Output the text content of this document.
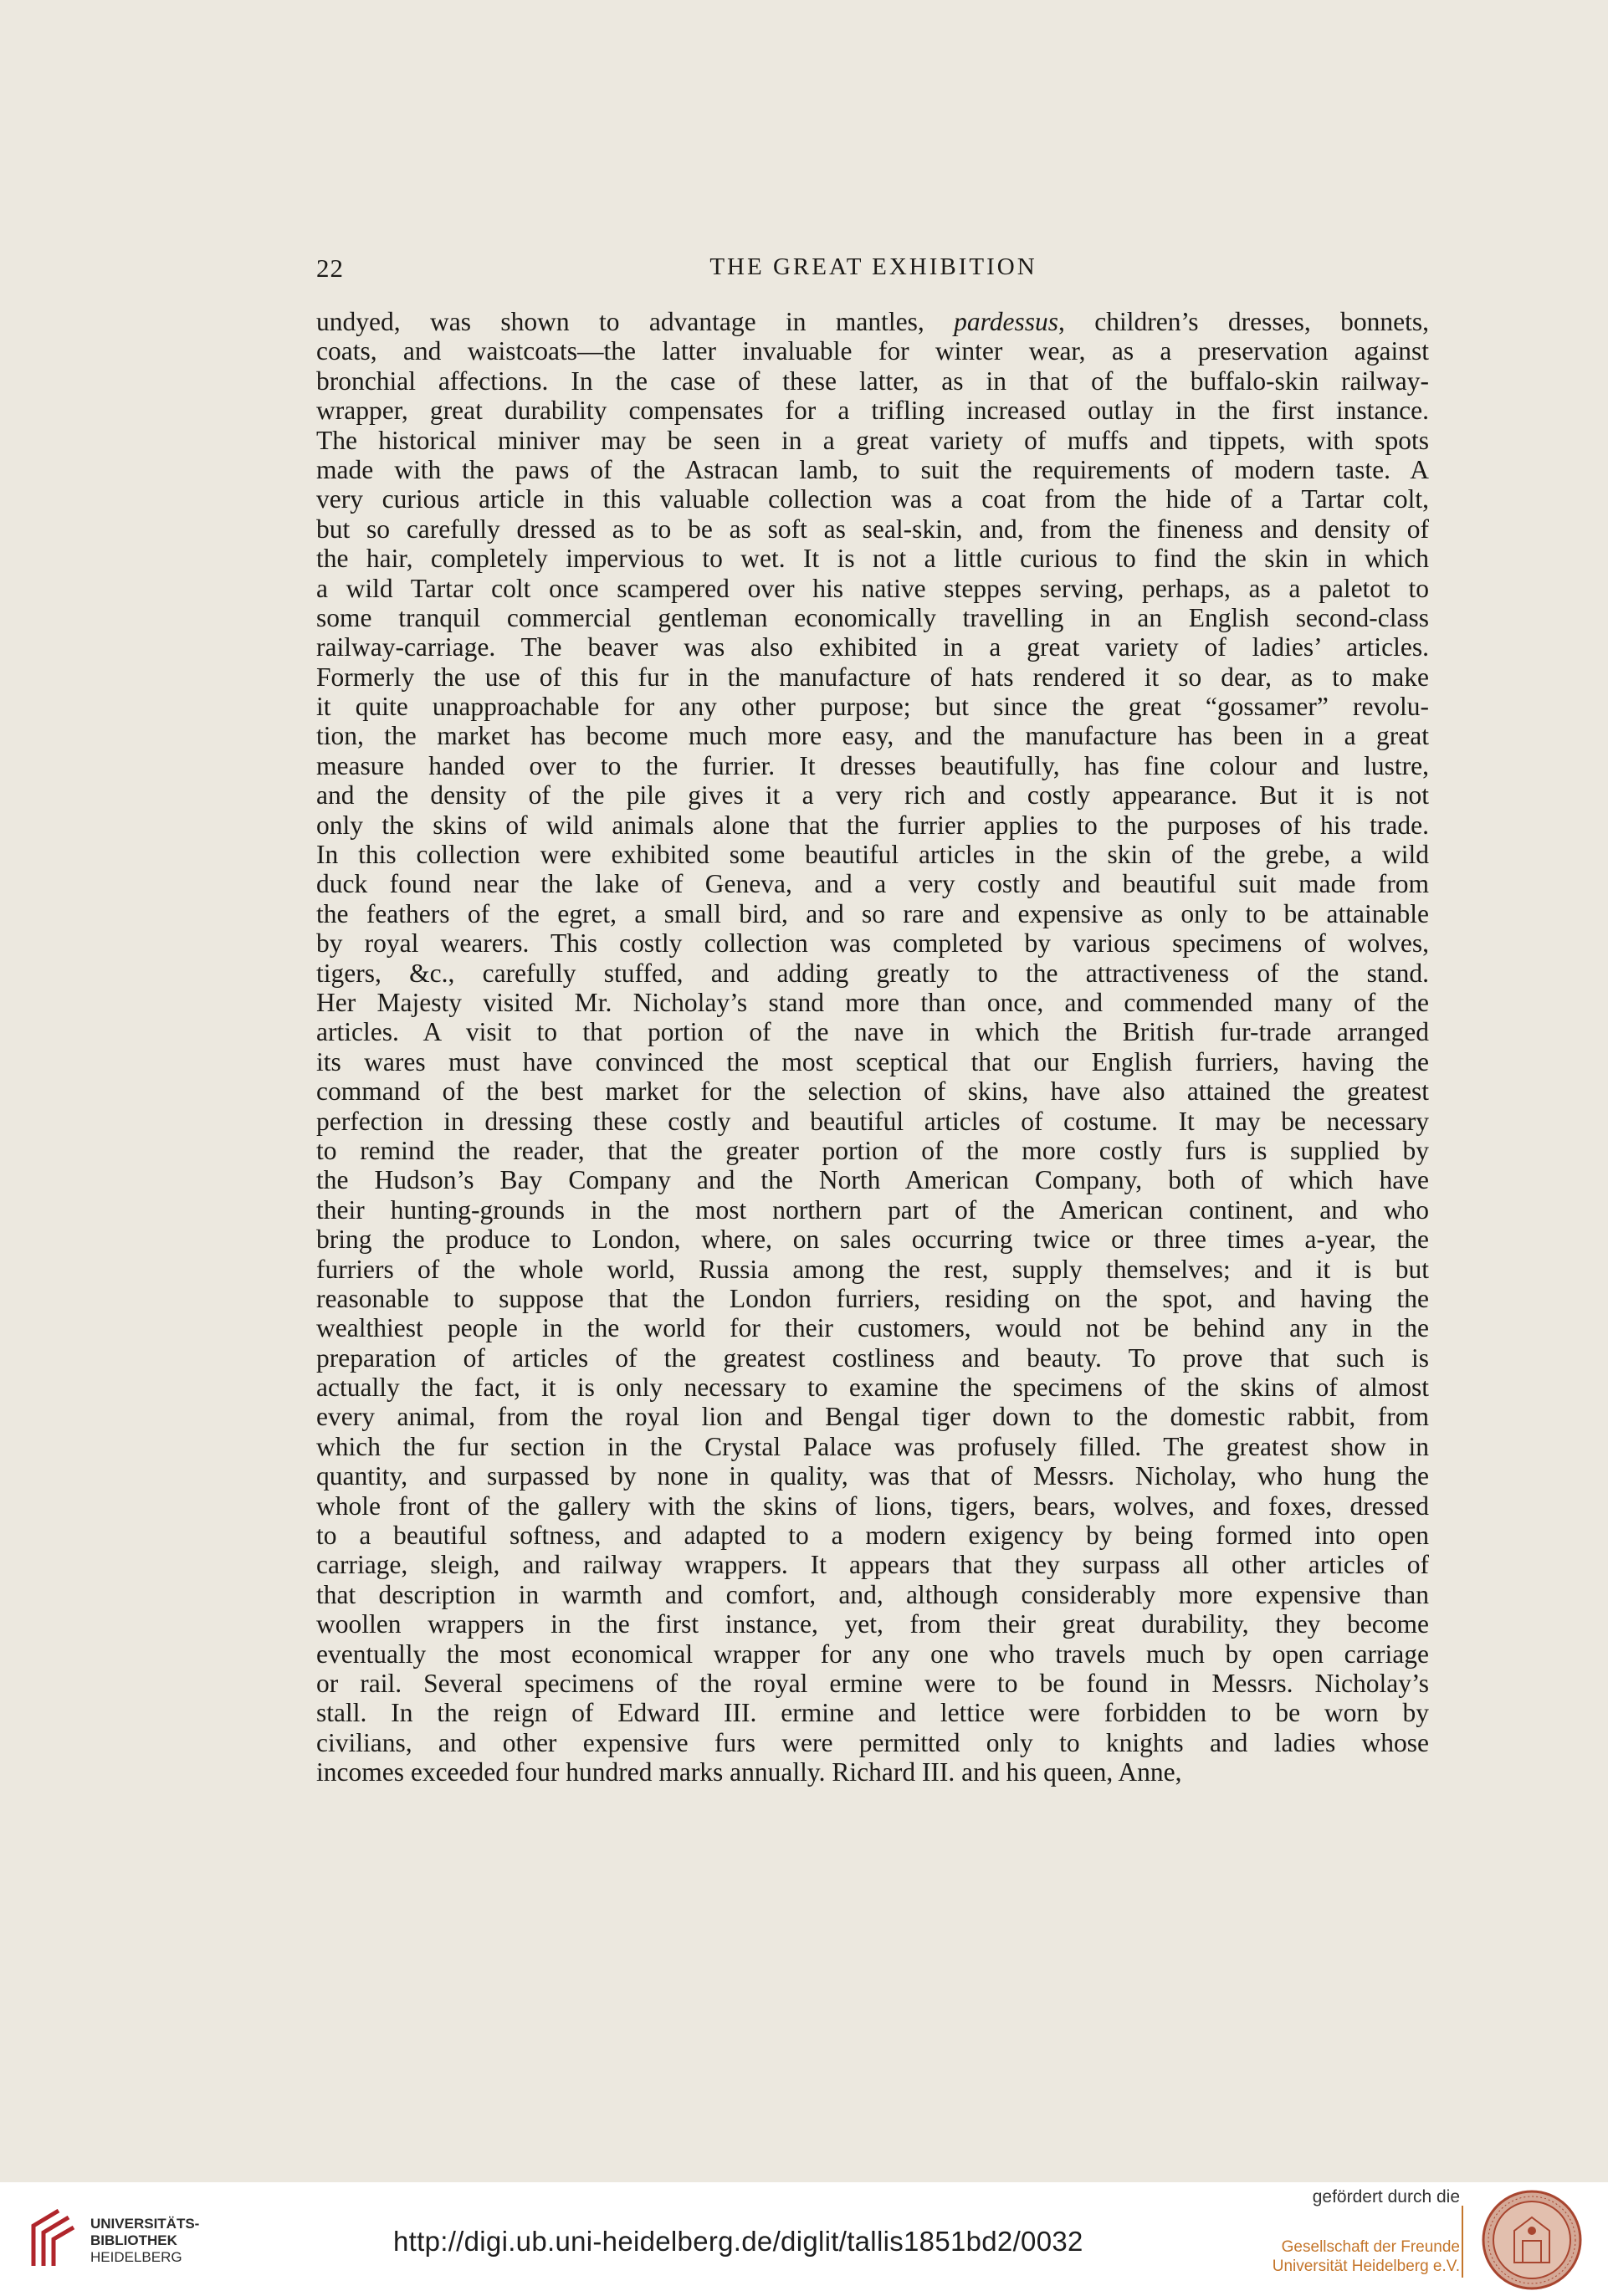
22	THE GREAT EXHIBITION
undyed, was shown to advantage in mantles, pardessus, children’s dresses, bonnets,
coats, and waistcoats—the latter invaluable for winter wear, as a preservation against
bronchial affections. In the case of these latter, as in that of the buffalo-skin railway-
wrapper, great durability compensates for a trifling increased outlay in the first instance.
The historical miniver may be seen in a great variety of muffs and tippets, with spots
made with the paws of the Astracan lamb, to suit the requirements of modern taste. A
very curious article in this valuable collection was a coat from the hide of a Tartar colt,
but so carefully dressed as to be as soft as seal-skin, and, from the fineness and density of
the hair, completely impervious to wet. It is not a little curious to find the skin in which
a wild Tartar colt once scampered over his native steppes serving, perhaps, as a paletot to
some tranquil commercial gentleman economically travelling in an English second-class
railway-carriage. The beaver was also exhibited in a great variety of ladies’ articles.
Formerly the use of this fur in the manufacture of hats rendered it so dear, as to make
it quite unapproachable for any other purpose; but since the great “gossamer” revolu-
tion, the market has become much more easy, and the manufacture has been in a great
measure handed over to the furrier. It dresses beautifully, has fine colour and lustre,
and the density of the pile gives it a very rich and costly appearance. But it is not
only the skins of wild animals alone that the furrier applies to the purposes of his trade.
In this collection were exhibited some beautiful articles in the skin of the grebe, a wild
duck found near the lake of Geneva, and a very costly and beautiful suit made from
the feathers of the egret, a small bird, and so rare and expensive as only to be attainable
by royal wearers. This costly collection was completed by various specimens of wolves,
tigers, &c., carefully stuffed, and adding greatly to the attractiveness of the stand.
Her Majesty visited Mr. Nicholay’s stand more than once, and commended many of the
articles. A visit to that portion of the nave in which the British fur-trade arranged
its wares must have convinced the most sceptical that our English furriers, having the
command of the best market for the selection of skins, have also attained the greatest
perfection in dressing these costly and beautiful articles of costume. It may be necessary
to remind the reader, that the greater portion of the more costly furs is supplied by
the Hudson’s Bay Company and the North American Company, both of which have
their hunting-grounds in the most northern part of the American continent, and who
bring the produce to London, where, on sales occurring twice or three times a-year, the
furriers of the whole world, Russia among the rest, supply themselves; and it is but
reasonable to suppose that the London furriers, residing on the spot, and having the
wealthiest people in the world for their customers, would not be behind any in the
preparation of articles of the greatest costliness and beauty. To prove that such is
actually the fact, it is only necessary to examine the specimens of the skins of almost
every animal, from the royal lion and Bengal tiger down to the domestic rabbit, from
which the fur section in the Crystal Palace was profusely filled. The greatest show in
quantity, and surpassed by none in quality, was that of Messrs. Nicholay, who hung the
whole front of the gallery with the skins of lions, tigers, bears, wolves, and foxes, dressed
to a beautiful softness, and adapted to a modern exigency by being formed into open
carriage, sleigh, and railway wrappers. It appears that they surpass all other articles of
that description in warmth and comfort, and, although considerably more expensive than
woollen wrappers in the first instance, yet, from their great durability, they become
eventually the most economical wrapper for any one who travels much by open carriage
or rail. Several specimens of the royal ermine were to be found in Messrs. Nicholay’s
stall. In the reign of Edward III. ermine and lettice were forbidden to be worn by
civilians, and other expensive furs were permitted only to knights and ladies whose
incomes exceeded four hundred marks annually. Richard III. and his queen, Anne,
UNIVERSITÄTS-
BIBLIOTHEK
HEIDELBERG
http://digi.ub.uni-heidelberg.de/diglit/tallis1851bd2/0032
gefördert durch die
Gesellschaft der Freunde
Universität Heidelberg e.V.
